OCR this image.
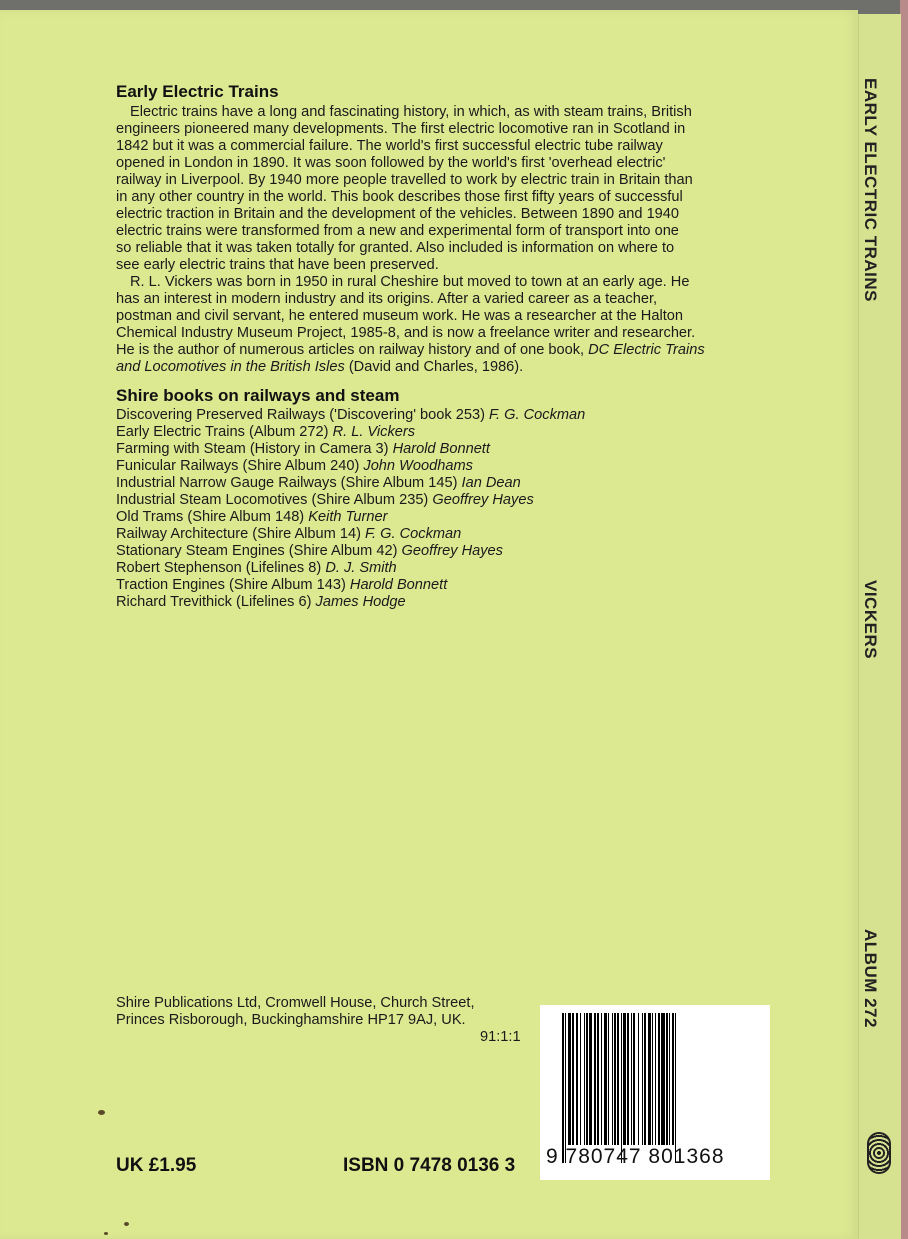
Early Electric Trains
Electric trains have a long and fascinating history, in which, as with steam trains, British
engineers pioneered many developments. The first electric locomotive ran in Scotland in
1842 but it was a commercial failure. The world's first successful electric tube railway
opened in London in 1890. It was soon followed by the world's first 'overhead electric'
railway in Liverpool. By 1940 more people travelled to work by electric train in Britain than
in any other country in the world. This book describes those first fifty years of successful
electric traction in Britain and the development of the vehicles. Between 1890 and 1940
electric trains were transformed from a new and experimental form of transport into one
so reliable that it was taken totally for granted. Also included is information on where to
see early electric trains that have been preserved.
R. L. Vickers was born in 1950 in rural Cheshire but moved to town at an early age. He
has an interest in modern industry and its origins. After a varied career as a teacher,
postman and civil servant, he entered museum work. He was a researcher at the Halton
Chemical Industry Museum Project, 1985-8, and is now a freelance writer and researcher.
He is the author of numerous articles on railway history and of one book, DC Electric Trains
and Locomotives in the British Isles (David and Charles, 1986).
Shire books on railways and steam
Discovering Preserved Railways ('Discovering' book 253) F. G. Cockman
Early Electric Trains (Album 272) R. L. Vickers
Farming with Steam (History in Camera 3) Harold Bonnett
Funicular Railways (Shire Album 240) John Woodhams
Industrial Narrow Gauge Railways (Shire Album 145) Ian Dean
Industrial Steam Locomotives (Shire Album 235) Geoffrey Hayes
Old Trams (Shire Album 148) Keith Turner
Railway Architecture (Shire Album 14) F. G. Cockman
Stationary Steam Engines (Shire Album 42) Geoffrey Hayes
Robert Stephenson (Lifelines 8) D. J. Smith
Traction Engines (Shire Album 143) Harold Bonnett
Richard Trevithick (Lifelines 6) James Hodge
Shire Publications Ltd, Cromwell House, Church Street,
Princes Risborough, Buckinghamshire HP17 9AJ, UK.
91:1:1
UK £1.95	ISBN 0 7478 0136 3 9 780747 801368
EARLY ELECTRIC TRAINS
VICKERS
ALBUM 272
